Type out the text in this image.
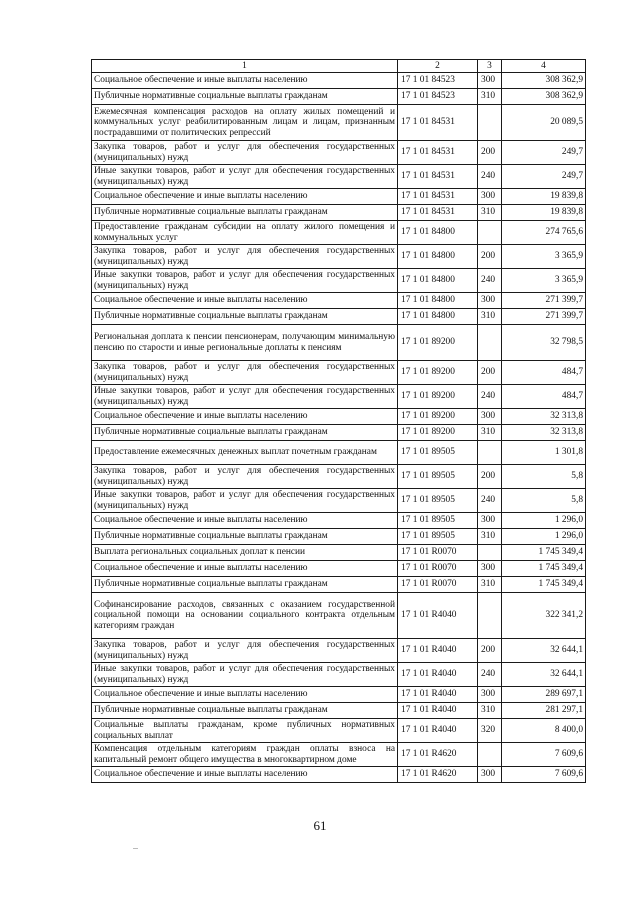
1	2	3	4
Социальное обеспечение и иные выплаты населению	17 1 01 84523	300	308 362,9
Публичные нормативные социальные выплаты гражданам	17 1 01 84523	310	308 362,9
Ежемесячная компенсация расходов на оплату жилых помещений и коммунальных услуг реабилитированным лицам и лицам, признанным пострадавшими от политических репрессий	17 1 01 84531		20 089,5
Закупка товаров, работ и услуг для обеспечения государственных (муниципальных) нужд	17 1 01 84531	200	249,7
Иные закупки товаров, работ и услуг для обеспечения государственных (муниципальных) нужд	17 1 01 84531	240	249,7
Социальное обеспечение и иные выплаты населению	17 1 01 84531	300	19 839,8
Публичные нормативные социальные выплаты гражданам	17 1 01 84531	310	19 839,8
Предоставление гражданам субсидии на оплату жилого помещения и коммунальных услуг	17 1 01 84800		274 765,6
Закупка товаров, работ и услуг для обеспечения государственных (муниципальных) нужд	17 1 01 84800	200	3 365,9
Иные закупки товаров, работ и услуг для обеспечения государственных (муниципальных) нужд	17 1 01 84800	240	3 365,9
Социальное обеспечение и иные выплаты населению	17 1 01 84800	300	271 399,7
Публичные нормативные социальные выплаты гражданам	17 1 01 84800	310	271 399,7
Региональная доплата к пенсии пенсионерам, получающим минимальную пенсию по старости и иные региональные доплаты к пенсиям	17 1 01 89200		32 798,5
Закупка товаров, работ и услуг для обеспечения государственных (муниципальных) нужд	17 1 01 89200	200	484,7
Иные закупки товаров, работ и услуг для обеспечения государственных (муниципальных) нужд	17 1 01 89200	240	484,7
Социальное обеспечение и иные выплаты населению	17 1 01 89200	300	32 313,8
Публичные нормативные социальные выплаты гражданам	17 1 01 89200	310	32 313,8
Предоставление ежемесячных денежных выплат почетным гражданам	17 1 01 89505		1 301,8
Закупка товаров, работ и услуг для обеспечения государственных (муниципальных) нужд	17 1 01 89505	200	5,8
Иные закупки товаров, работ и услуг для обеспечения государственных (муниципальных) нужд	17 1 01 89505	240	5,8
Социальное обеспечение и иные выплаты населению	17 1 01 89505	300	1 296,0
Публичные нормативные социальные выплаты гражданам	17 1 01 89505	310	1 296,0
Выплата региональных социальных доплат к пенсии	17 1 01 R0070		1 745 349,4
Социальное обеспечение и иные выплаты населению	17 1 01 R0070	300	1 745 349,4
Публичные нормативные социальные выплаты гражданам	17 1 01 R0070	310	1 745 349,4
Софинансирование расходов, связанных с оказанием государственной социальной помощи на основании социального контракта отдельным категориям граждан	17 1 01 R4040		322 341,2
Закупка товаров, работ и услуг для обеспечения государственных (муниципальных) нужд	17 1 01 R4040	200	32 644,1
Иные закупки товаров, работ и услуг для обеспечения государственных (муниципальных) нужд	17 1 01 R4040	240	32 644,1
Социальное обеспечение и иные выплаты населению	17 1 01 R4040	300	289 697,1
Публичные нормативные социальные выплаты гражданам	17 1 01 R4040	310	281 297,1
Социальные выплаты гражданам, кроме публичных нормативных социальных выплат	17 1 01 R4040	320	8 400,0
Компенсация отдельным категориям граждан оплаты взноса на капитальный ремонт общего имущества в многоквартирном доме	17 1 01 R4620		7 609,6
Социальное обеспечение и иные выплаты населению	17 1 01 R4620	300	7 609,6
61
